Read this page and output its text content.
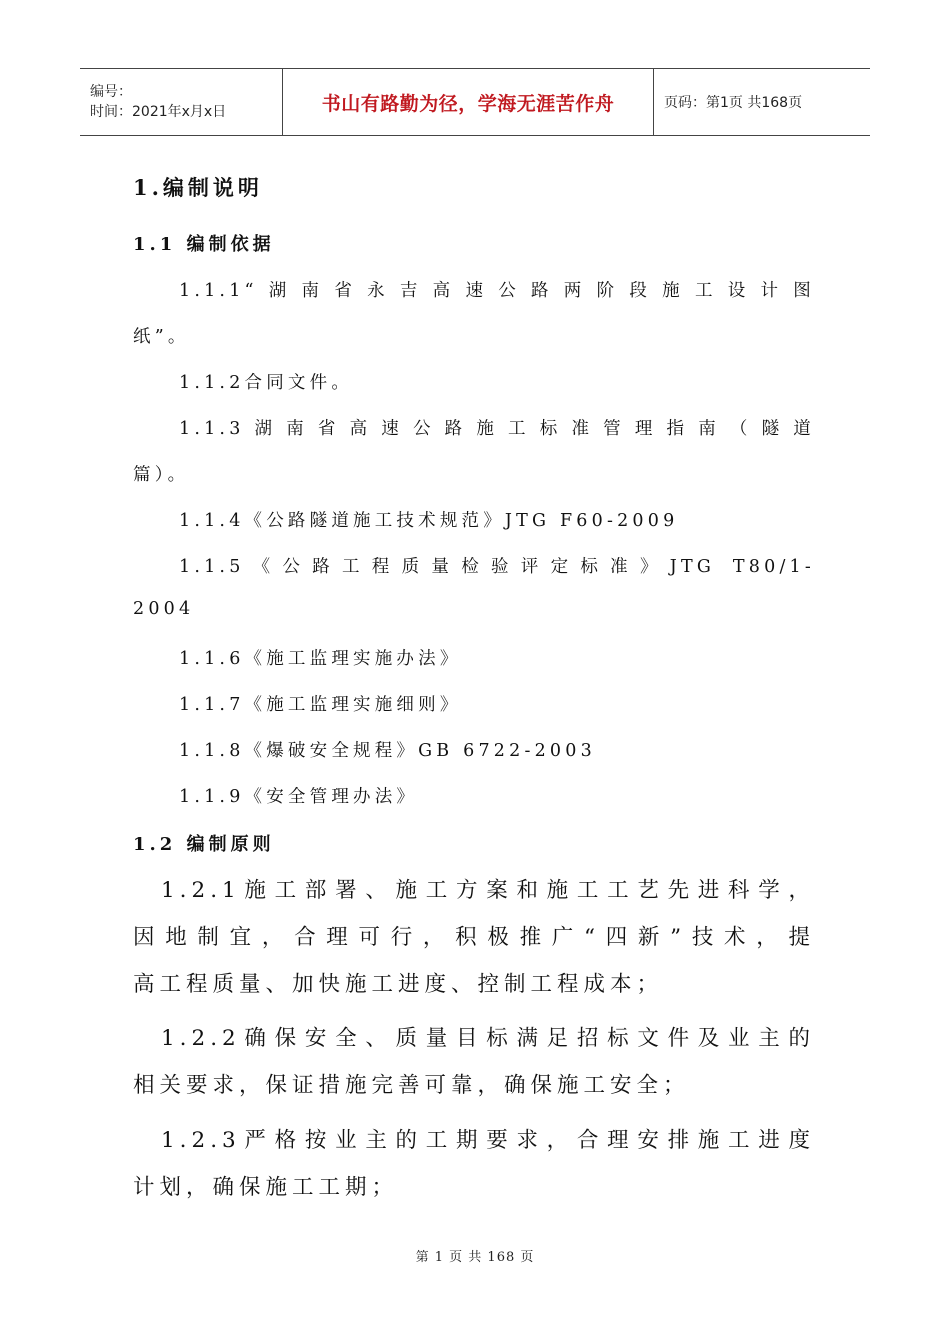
编号：
时间：2021年x月x日	书山有路勤为径，学海无涯苦作舟	页码：第1页 共168页
1.编制说明
1.1 编制依据
1.1.1“湖南省永吉高速公路两阶段施工设计图
纸”。
1.1.2合同文件。
1.1.3湖南省高速公路施工标准管理指南（隧道
篇）。
1.1.4《公路隧道施工技术规范》JTG F60-2009
1.1.5《公路工程质量检验评定标准》JTG T80/1-
2004
1.1.6《施工监理实施办法》
1.1.7《施工监理实施细则》
1.1.8《爆破安全规程》GB 6722-2003
1.1.9《安全管理办法》
1.2 编制原则
1.2.1施工部署、施工方案和施工工艺先进科学，
因地制宜，合理可行，积极推广“四新”技术，提
高工程质量、加快施工进度、控制工程成本；
1.2.2确保安全、质量目标满足招标文件及业主的
相关要求，保证措施完善可靠，确保施工安全；
1.2.3严格按业主的工期要求，合理安排施工进度
计划，确保施工工期；
第 1 页 共 168 页
